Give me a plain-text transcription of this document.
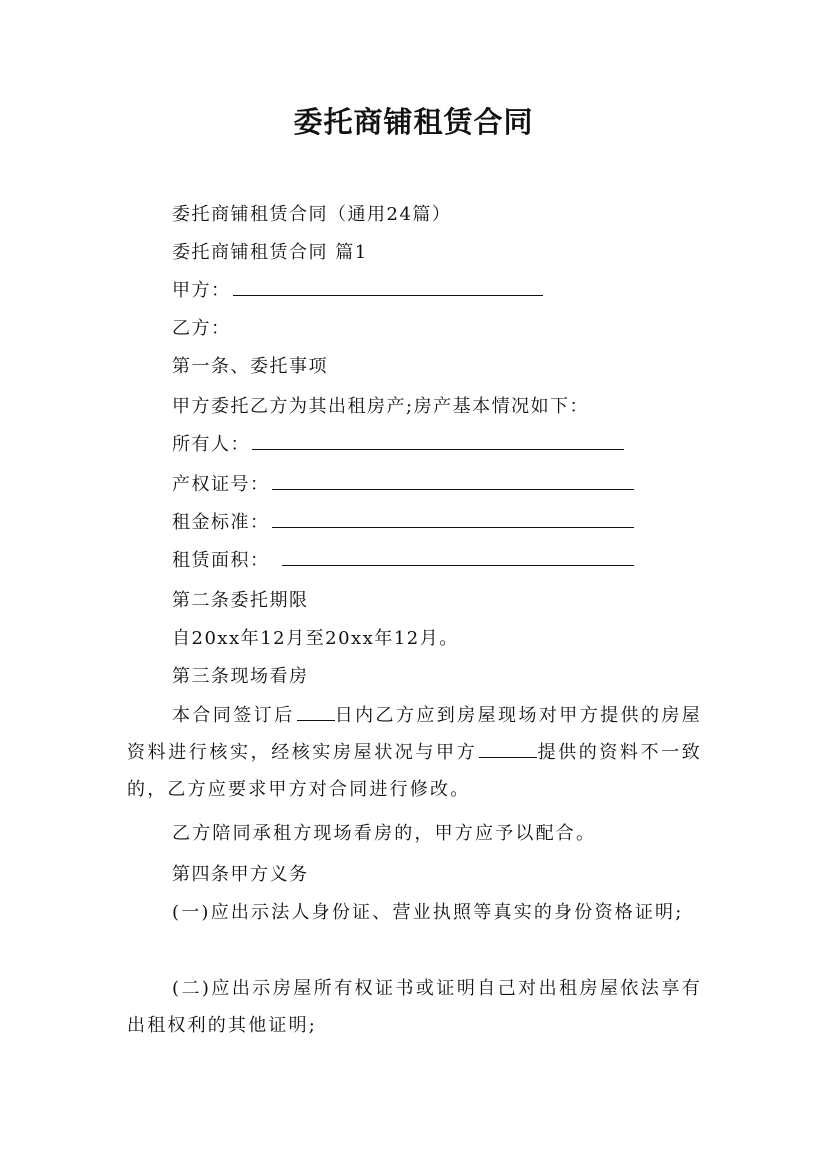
委托商铺租赁合同
委托商铺租赁合同（通用24篇）
委托商铺租赁合同 篇1
甲方：
乙方：
第一条、委托事项
甲方委托乙方为其出租房产;房产基本情况如下：
所有人：
产权证号：
租金标准：
租赁面积：
第二条委托期限
自20xx年12月至20xx年12月。
第三条现场看房
本合同签订后 日内乙方应到房屋现场对甲方提供的房屋资料进行核实，经核实房屋状况与甲方	提供的资料不一致的，乙方应要求甲方对合同进行修改。
乙方陪同承租方现场看房的，甲方应予以配合。
第四条甲方义务
(一)应出示法人身份证、营业执照等真实的身份资格证明;
(二)应出示房屋所有权证书或证明自己对出租房屋依法享有出租权利的其他证明;
